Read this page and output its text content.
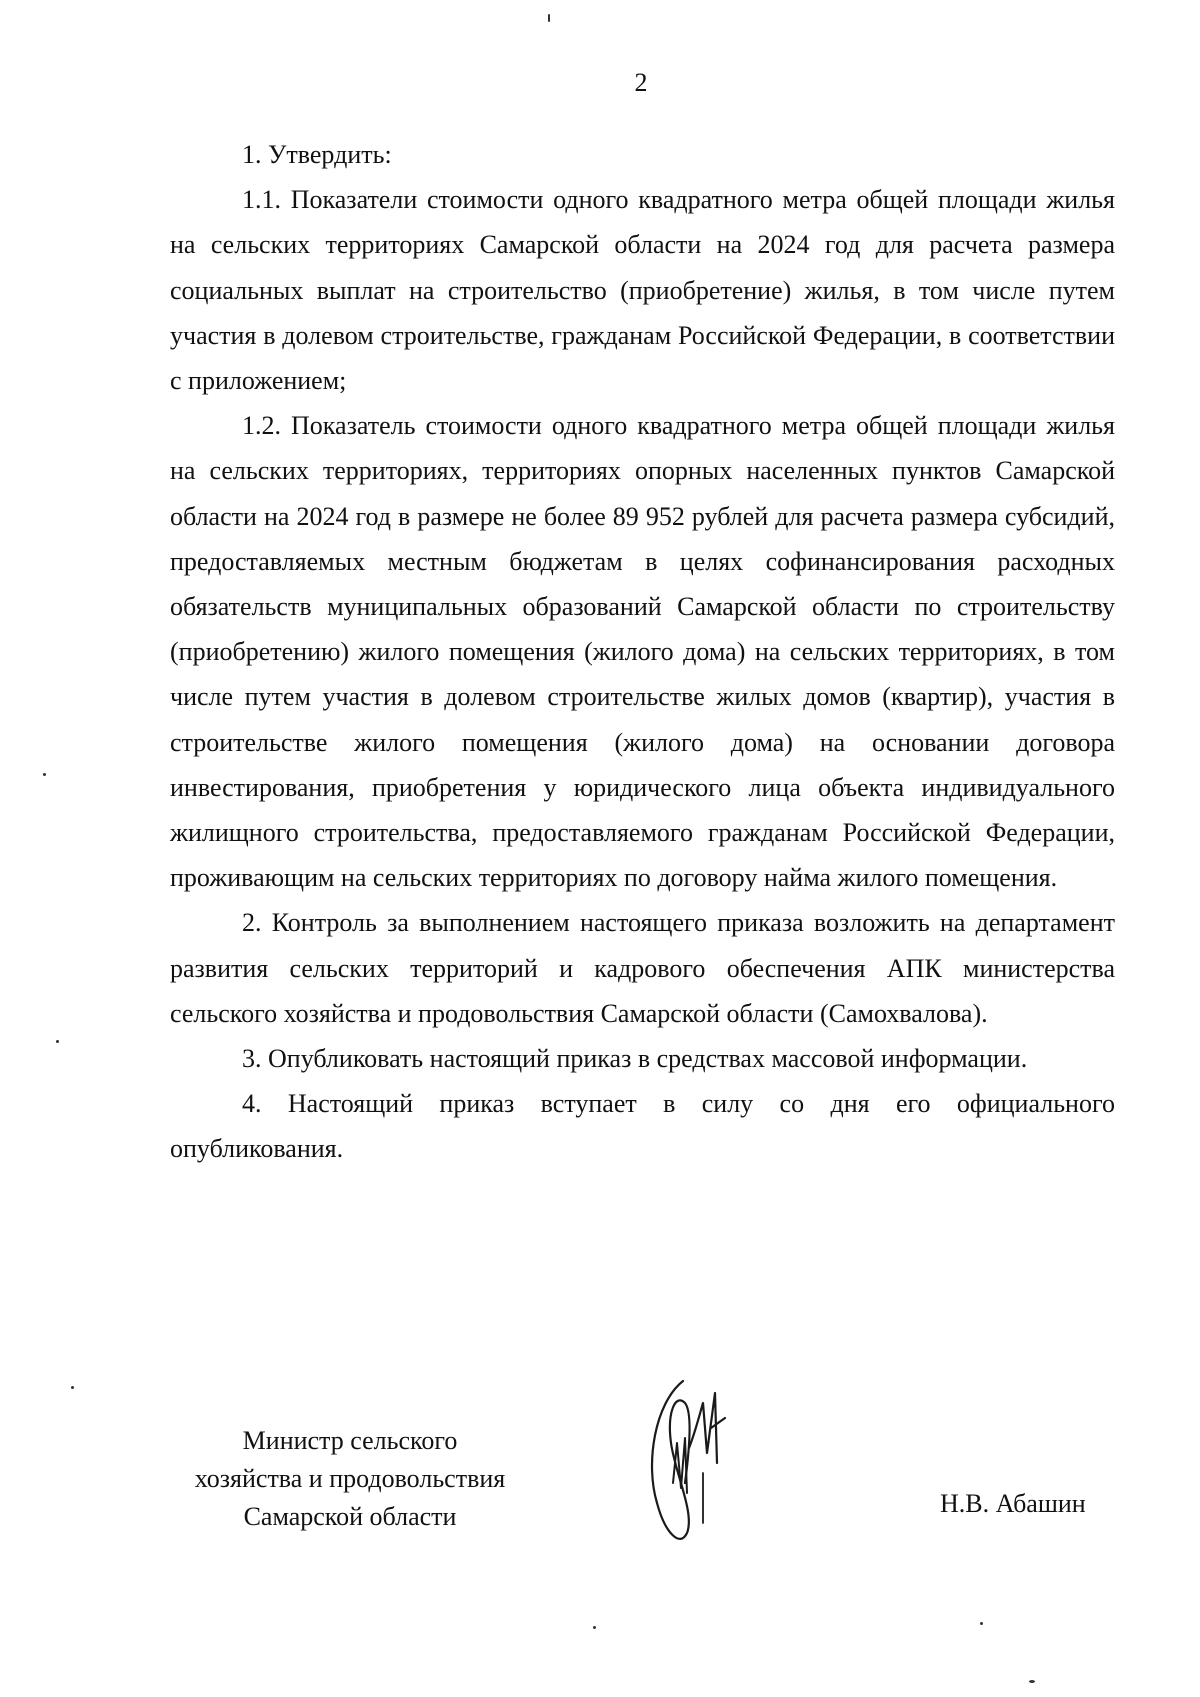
2

1. Утвердить:

1.1. Показатели стоимости одного квадратного метра общей площади жилья на сельских территориях Самарской области на 2024 год для расчета размера социальных выплат на строительство (приобретение) жилья, в том числе путем участия в долевом строительстве, гражданам Российской Федерации, в соответствии с приложением;

1.2. Показатель стоимости одного квадратного метра общей площади жилья на сельских территориях, территориях опорных населенных пунктов Самарской области на 2024 год в размере не более 89 952 рублей для расчета размера субсидий, предоставляемых местным бюджетам в целях софинансирования расходных обязательств муниципальных образований Самарской области по строительству (приобретению) жилого помещения (жилого дома) на сельских территориях, в том числе путем участия в долевом строительстве жилых домов (квартир), участия в строительстве жилого помещения (жилого дома) на основании договора инвестирования, приобретения у юридического лица объекта индивидуального жилищного строительства, предоставляемого гражданам Российской Федерации, проживающим на сельских территориях по договору найма жилого помещения.

2. Контроль за выполнением настоящего приказа возложить на департамент развития сельских территорий и кадрового обеспечения АПК министерства сельского хозяйства и продовольствия Самарской области (Самохвалова).

3. Опубликовать настоящий приказ в средствах массовой информации.

4. Настоящий приказ вступает в силу со дня его официального опубликования.

Министр сельского
хозяйства и продовольствия
Самарской области	Н.В. Абашин
